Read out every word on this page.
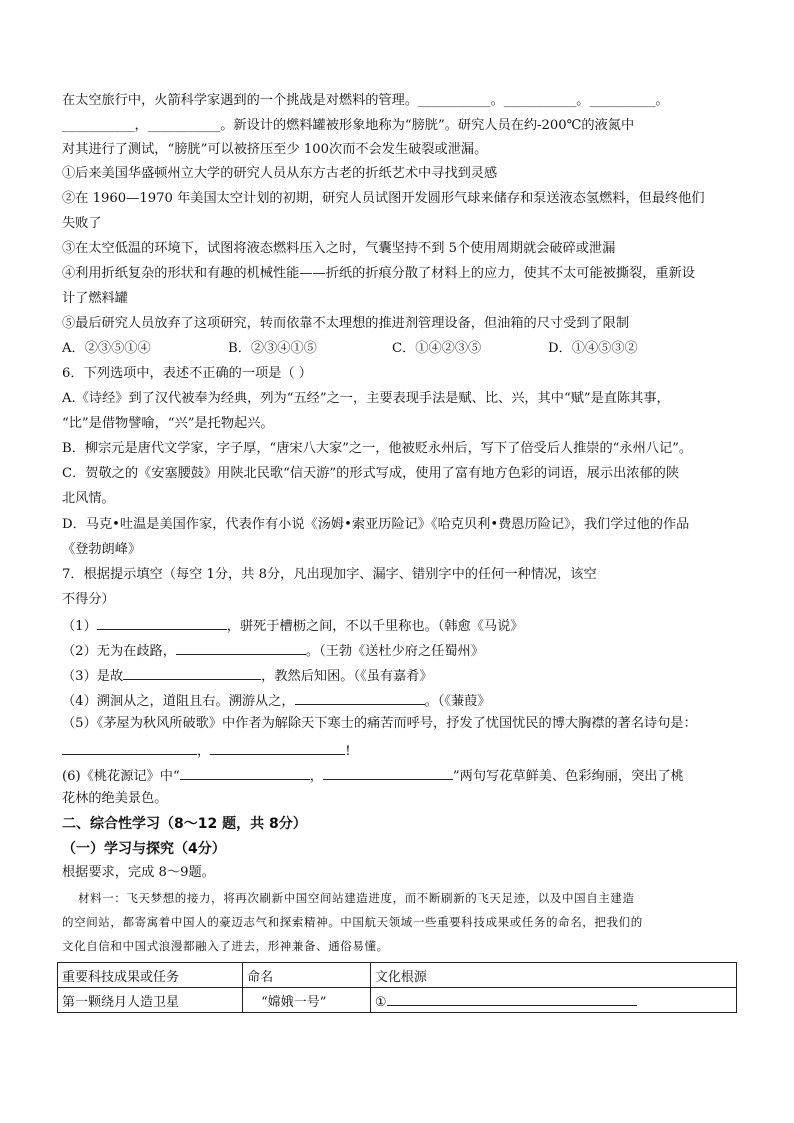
在太空旅行中，火箭科学家遇到的一个挑战是对燃料的管理。___________。___________。__________。
___________，___________。新设计的燃料罐被形象地称为“膀胱”。研究人员在约-200℃的液氮中
对其进行了测试，“膀胱”可以被挤压至少 100次而不会发生破裂或泄漏。
①后来美国华盛顿州立大学的研究人员从东方古老的折纸艺术中寻找到灵感
②在 1960—1970 年美国太空计划的初期，研究人员试图开发圆形气球来储存和泵送液态氢燃料，但最终他们
失败了
③在太空低温的环境下，试图将液态燃料压入之时，气囊坚持不到 5个使用周期就会破碎或泄漏
④利用折纸复杂的形状和有趣的机械性能——折纸的折痕分散了材料上的应力，使其不太可能被撕裂，重新设
计了燃料罐
⑤最后研究人员放弃了这项研究，转而依靠不太理想的推进剂管理设备，但油箱的尺寸受到了限制
A．②③⑤①④	B．②③④①⑤	C．①④②③⑤	D．①④⑤③②
6．下列选项中，表述不正确的一项是（ ）
A.《诗经》到了汉代被奉为经典，列为“五经”之一，主要表现手法是赋、比、兴，其中“赋”是直陈其事，
“比”是借物譬喻，“兴”是托物起兴。
B．柳宗元是唐代文学家，字子厚，“唐宋八大家”之一，他被贬永州后，写下了倍受后人推崇的“永州八记”。
C．贺敬之的《安塞腰鼓》用陕北民歌“信天游”的形式写成，使用了富有地方色彩的词语，展示出浓郁的陕
北风情。
D．马克•吐温是美国作家，代表作有小说《汤姆•索亚历险记》《哈克贝利•费恩历险记》，我们学过他的作品
《登勃朗峰》
7．根据提示填空（每空 1分，共 8分，凡出现加字、漏字、错别字中的任何一种情况，该空
不得分）
（1）	，骈死于槽枥之间，不以千里称也。（韩愈《马说》
（2）无为在歧路，	。（王勃《送杜少府之任蜀州》
（3）是故	，教然后知困。（《虽有嘉肴》
（4）溯洄从之，道阻且右。溯游从之，	。（《蒹葭》
（5）《茅屋为秋风所破歌》中作者为解除天下寒士的痛苦而呼号，抒发了忧国忧民的博大胸襟的著名诗句是：
，	!
(6)《桃花源记》中“	，	”两句写花草鲜美、色彩绚丽，突出了桃
花林的绝美景色。
二、综合性学习（8～12 题，共 8分）
（一）学习与探究（4分）
根据要求，完成 8～9题。
材料一：飞天梦想的接力，将再次刷新中国空间站建造进度，而不断刷新的飞天足迹，以及中国自主建造
的空间站，都寄寓着中国人的豪迈志气和探索精神。中国航天领域一些重要科技成果或任务的命名，把我们的
文化自信和中国式浪漫都融入了进去，形神兼备、通俗易懂。
重要科技成果或任务	命名	文化根源
第一颗绕月人造卫星	“嫦娥一号”	①
